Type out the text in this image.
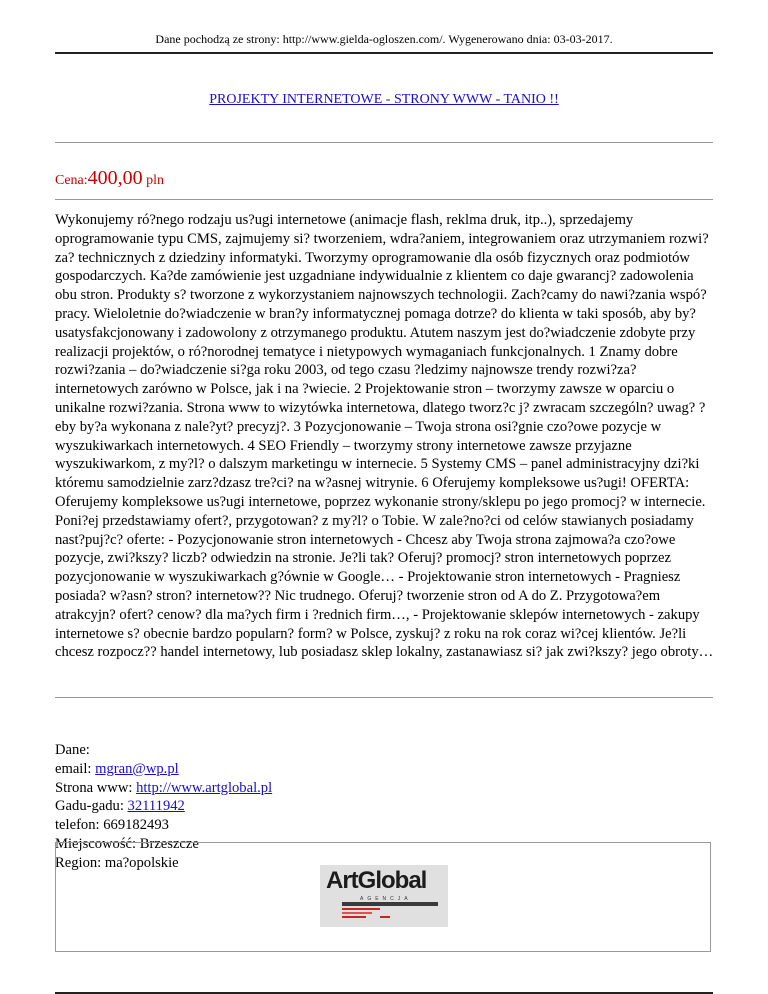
Dane pochodzą ze strony: http://www.gielda-ogloszen.com/. Wygenerowano dnia: 03-03-2017.
PROJEKTY INTERNETOWE - STRONY WWW - TANIO !!
Cena:400,00 pln
Wykonujemy ró?nego rodzaju us?ugi internetowe (animacje flash, reklma druk, itp..), sprzedajemy oprogramowanie typu CMS, zajmujemy si? tworzeniem, wdra?aniem, integrowaniem oraz utrzymaniem rozwi?za? technicznych z dziedziny informatyki. Tworzymy oprogramowanie dla osób fizycznych oraz podmiotów gospodarczych. Ka?de zamówienie jest uzgadniane indywidualnie z klientem co daje gwarancj? zadowolenia obu stron. Produkty s? tworzone z wykorzystaniem najnowszych technologii. Zach?camy do nawi?zania wspó?pracy. Wieloletnie do?wiadczenie w bran?y informatycznej pomaga dotrze? do klienta w taki sposób, aby by? usatysfakcjonowany i zadowolony z otrzymanego produktu. Atutem naszym jest do?wiadczenie zdobyte przy realizacji projektów, o ró?norodnej tematyce i nietypowych wymaganiach funkcjonalnych. 1 Znamy dobre rozwi?zania – do?wiadczenie si?ga roku 2003, od tego czasu ?ledzimy najnowsze trendy rozwi?za? internetowych zarówno w Polsce, jak i na ?wiecie. 2 Projektowanie stron – tworzymy zawsze w oparciu o unikalne rozwi?zania. Strona www to wizytówka internetowa, dlatego tworz?c j? zwracam szczególn? uwag? ?eby by?a wykonana z nale?yt? precyzj?. 3 Pozycjonowanie – Twoja strona osi?gnie czo?owe pozycje w wyszukiwarkach internetowych. 4 SEO Friendly – tworzymy strony internetowe zawsze przyjazne wyszukiwarkom, z my?l? o dalszym marketingu w internecie. 5 Systemy CMS – panel administracyjny dzi?ki któremu samodzielnie zarz?dzasz tre?ci? na w?asnej witrynie. 6 Oferujemy kompleksowe us?ugi! OFERTA: Oferujemy kompleksowe us?ugi internetowe, poprzez wykonanie strony/sklepu po jego promocj? w internecie. Poni?ej przedstawiamy ofert?, przygotowan? z my?l? o Tobie. W zale?no?ci od celów stawianych posiadamy nast?puj?c? oferte: - Pozycjonowanie stron internetowych - Chcesz aby Twoja strona zajmowa?a czo?owe pozycje, zwi?kszy? liczb? odwiedzin na stronie. Je?li tak? Oferuj? promocj? stron internetowych poprzez pozycjonowanie w wyszukiwarkach g?ównie w Google… - Projektowanie stron internetowych - Pragniesz posiada? w?asn? stron? internetow?? Nic trudnego. Oferuj? tworzenie stron od A do Z. Przygotowa?em atrakcyjn? ofert? cenow? dla ma?ych firm i ?rednich firm…, - Projektowanie sklepów internetowych - zakupy internetowe s? obecnie bardzo popularn? form? w Polsce, zyskuj? z roku na rok coraz wi?cej klientów. Je?li chcesz rozpocz?? handel internetowy, lub posiadasz sklep lokalny, zastanawiasz si? jak zwi?kszy? jego obroty…
Dane:
email: mgran@wp.pl
Strona www: http://www.artglobal.pl
Gadu-gadu: 32111942
telefon: 669182493
Miejscowość: Brzeszcze
Region: ma?opolskie
ArtGlobal
AGENCJA
